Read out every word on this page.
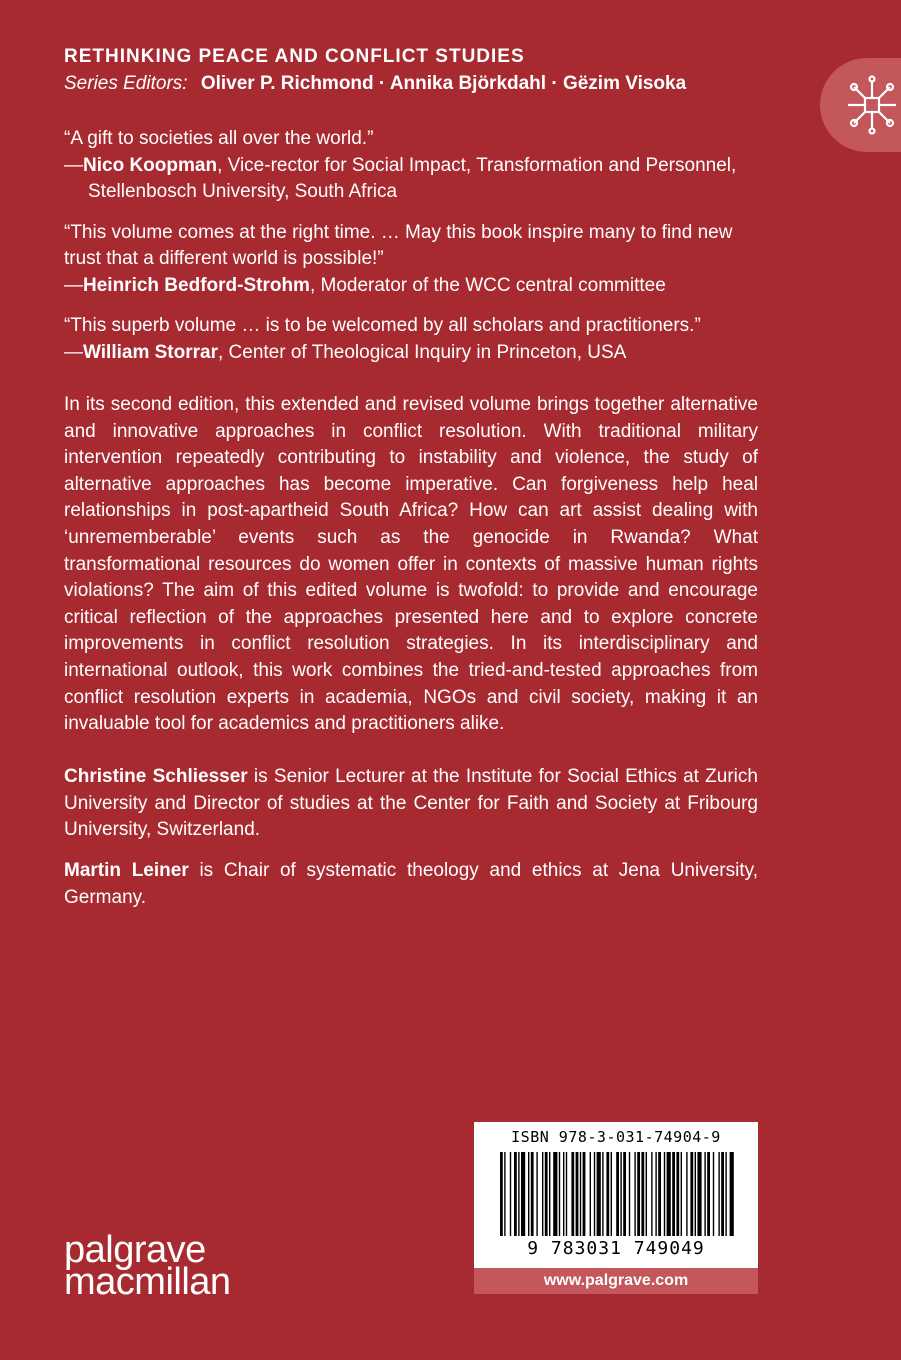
RETHINKING PEACE AND CONFLICT STUDIES
Series Editors: Oliver P. Richmond · Annika Björkdahl · Gëzim Visoka

“A gift to societies all over the world.”

—Nico Koopman, Vice-rector for Social Impact, Transformation and Personnel, Stellenbosch University, South Africa

“This volume comes at the right time. … May this book inspire many to find new trust that a different world is possible!”

—Heinrich Bedford-Strohm, Moderator of the WCC central committee

“This superb volume … is to be welcomed by all scholars and practitioners.”

—William Storrar, Center of Theological Inquiry in Princeton, USA

In its second edition, this extended and revised volume brings together alternative and innovative approaches in conflict resolution. With traditional military intervention repeatedly contributing to instability and violence, the study of alternative approaches has become imperative. Can forgiveness help heal relationships in post-apartheid South Africa? How can art assist dealing with ‘unrememberable’ events such as the genocide in Rwanda? What transformational resources do women offer in contexts of massive human rights violations? The aim of this edited volume is twofold: to provide and encourage critical reflection of the approaches presented here and to explore concrete improvements in conflict resolution strategies. In its interdisciplinary and international outlook, this work combines the tried-and-tested approaches from conflict resolution experts in academia, NGOs and civil society, making it an invaluable tool for academics and practitioners alike.

Christine Schliesser is Senior Lecturer at the Institute for Social Ethics at Zurich University and Director of studies at the Center for Faith and Society at Fribourg University, Switzerland.

Martin Leiner is Chair of systematic theology and ethics at Jena University, Germany.

ISBN 978-3-031-74904-9
9 783031 749049
www.palgrave.com
palgrave
macmillan
